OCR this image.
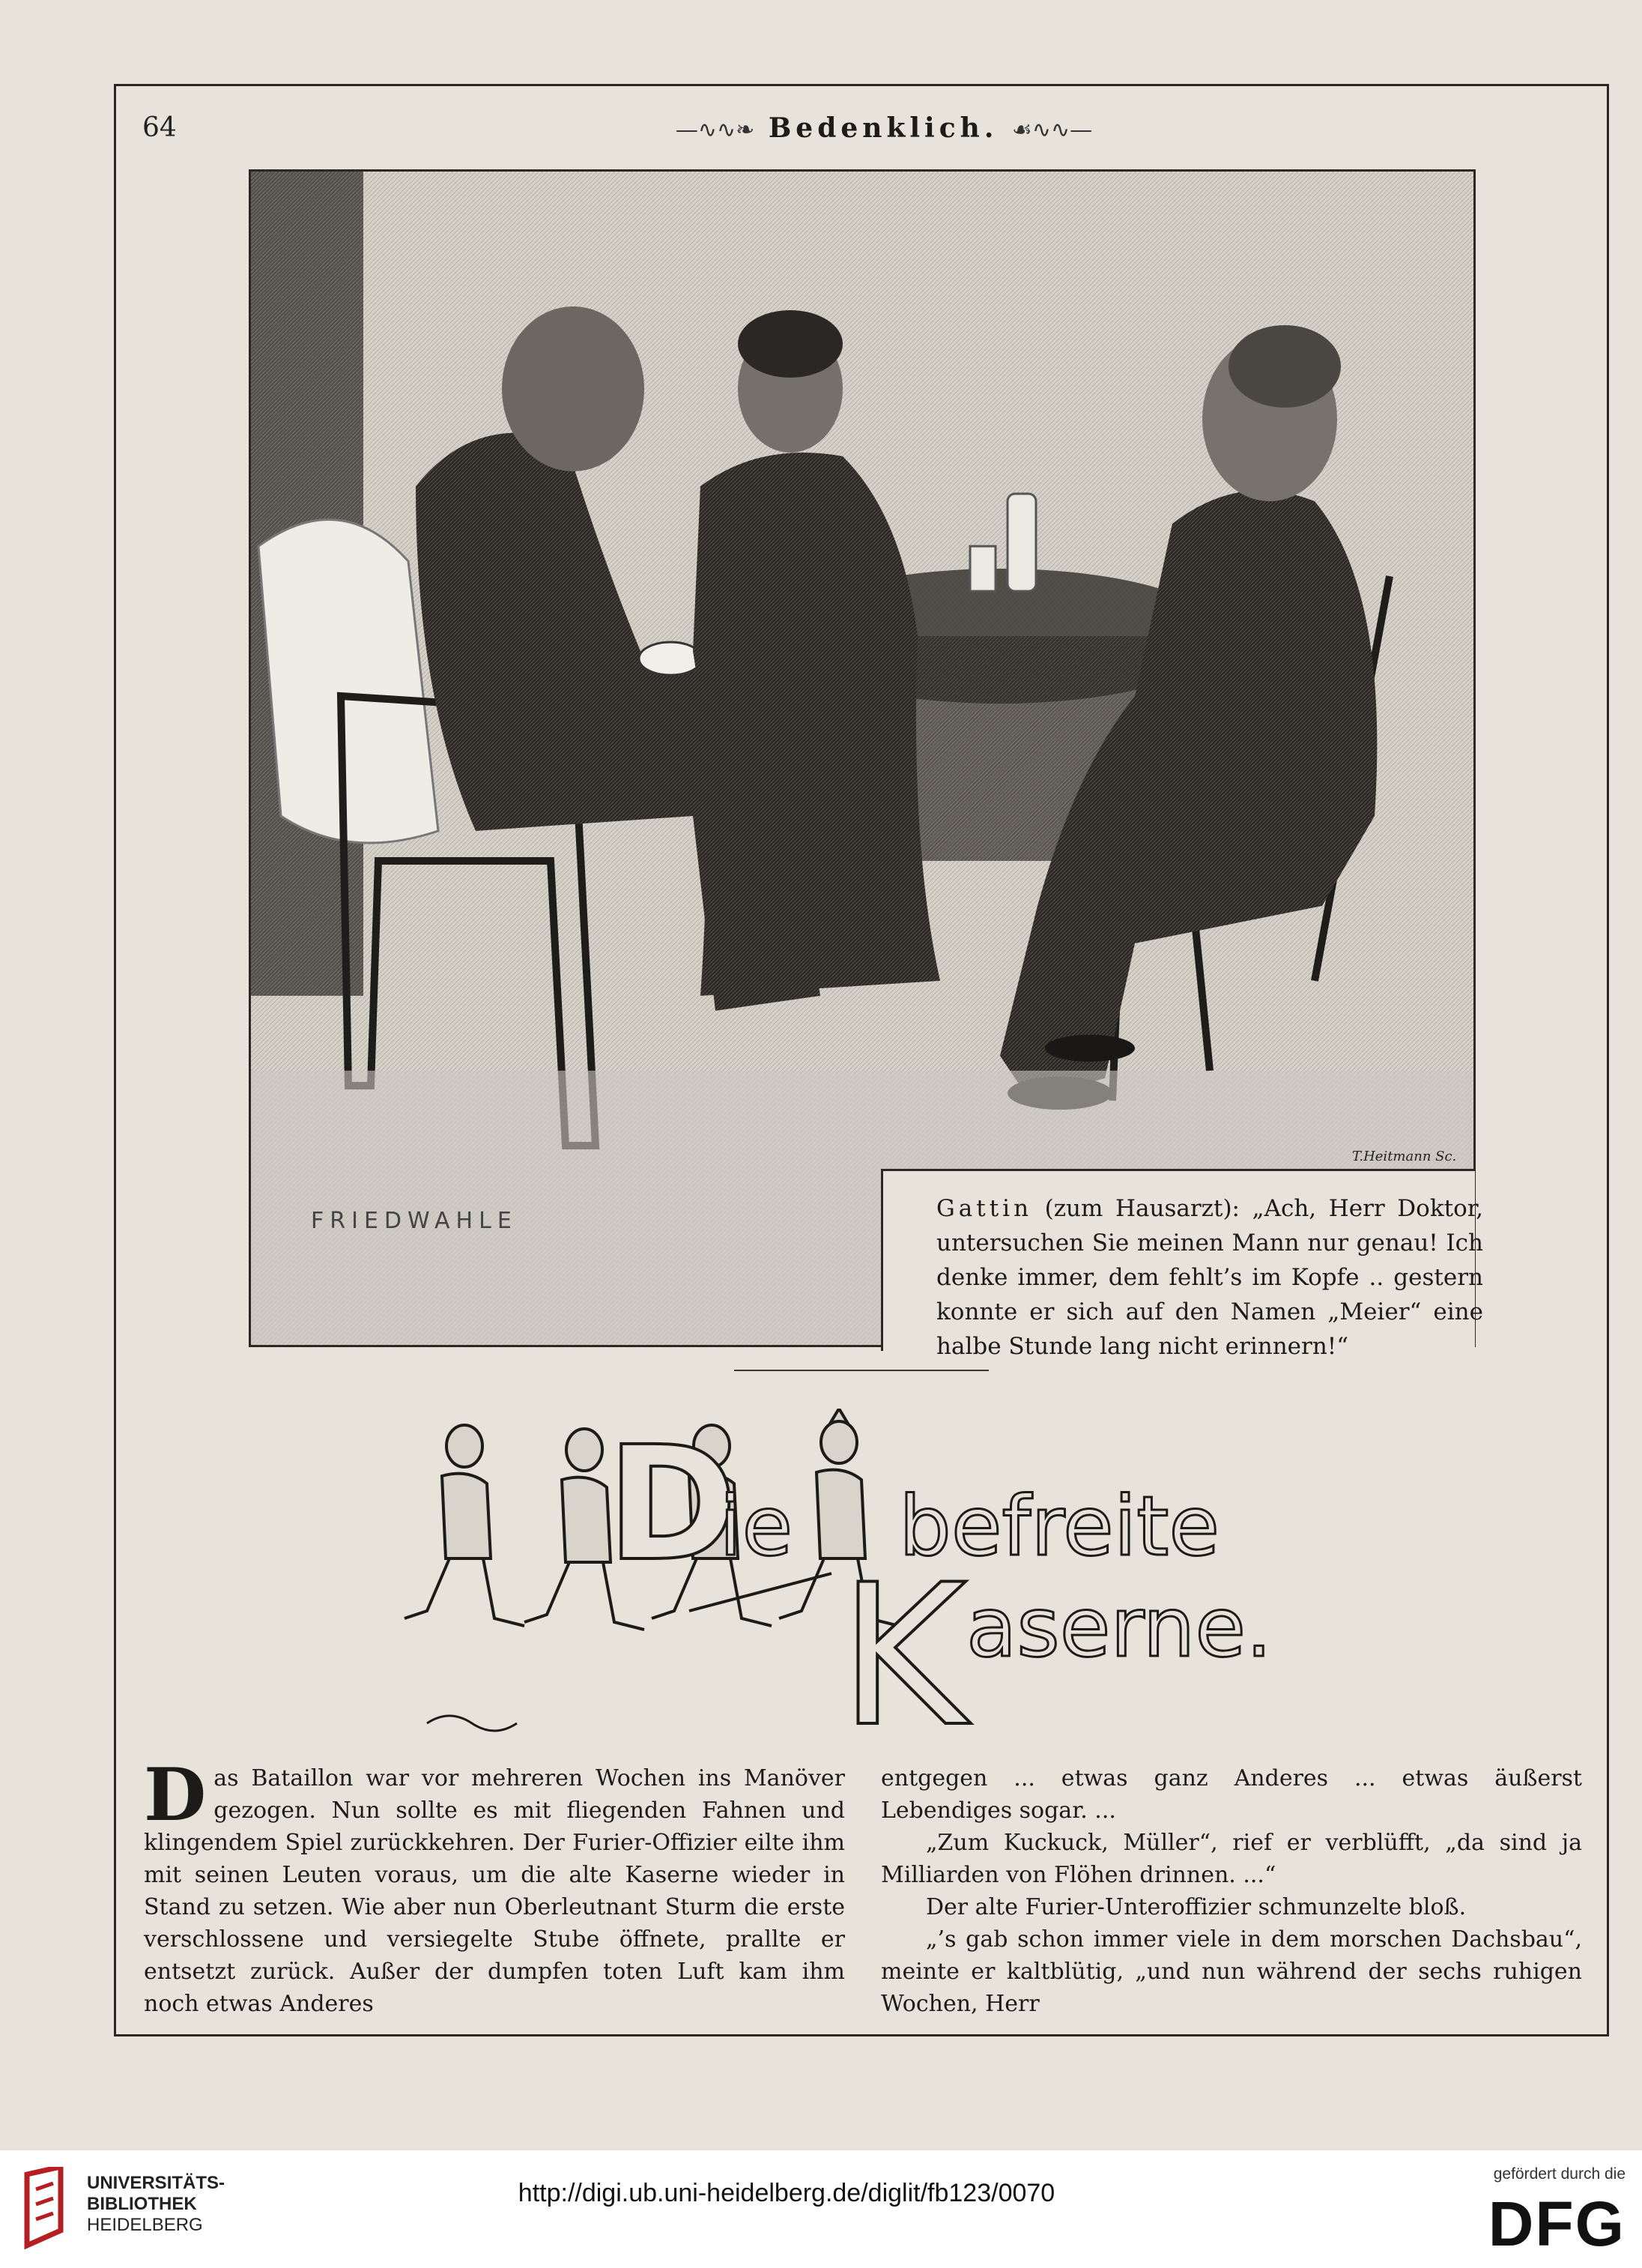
64	—∿∿❧ Bedenklich. ☙∿∿—
FRIEDWAHLE
T.Heitmann Sc.
Gattin (zum Hausarzt): „Ach, Herr Doktor, untersuchen Sie meinen Mann nur genau! Ich denke immer, dem fehlt’s im Kopfe .. gestern konnte er sich auf den Namen „Meier“ eine halbe Stunde lang nicht erinnern!“
D
ie befreite
K aserne.

Das Bataillon war vor mehreren Wochen ins Manöver gezogen. Nun sollte es mit fliegenden Fahnen und klingendem Spiel zurückkehren. Der Furier-Offizier eilte ihm mit seinen Leuten voraus, um die alte Kaserne wieder in Stand zu setzen. Wie aber nun Oberleutnant Sturm die erste verschlossene und versiegelte Stube öffnete, prallte er entsetzt zurück. Außer der dumpfen toten Luft kam ihm noch etwas Anderes

entgegen ... etwas ganz Anderes ... etwas äußerst Lebendiges sogar. ...

„Zum Kuckuck, Müller“, rief er verblüfft, „da sind ja Milliarden von Flöhen drinnen. ...“

Der alte Furier-Unteroffizier schmunzelte bloß.

„’s gab schon immer viele in dem morschen Dachsbau“, meinte er kaltblütig, „und nun während der sechs ruhigen Wochen, Herr

UNIVERSITÄTS-
BIBLIOTHEK
HEIDELBERG
http://digi.ub.uni-heidelberg.de/diglit/fb123/0070
gefördert durch die
DFG
